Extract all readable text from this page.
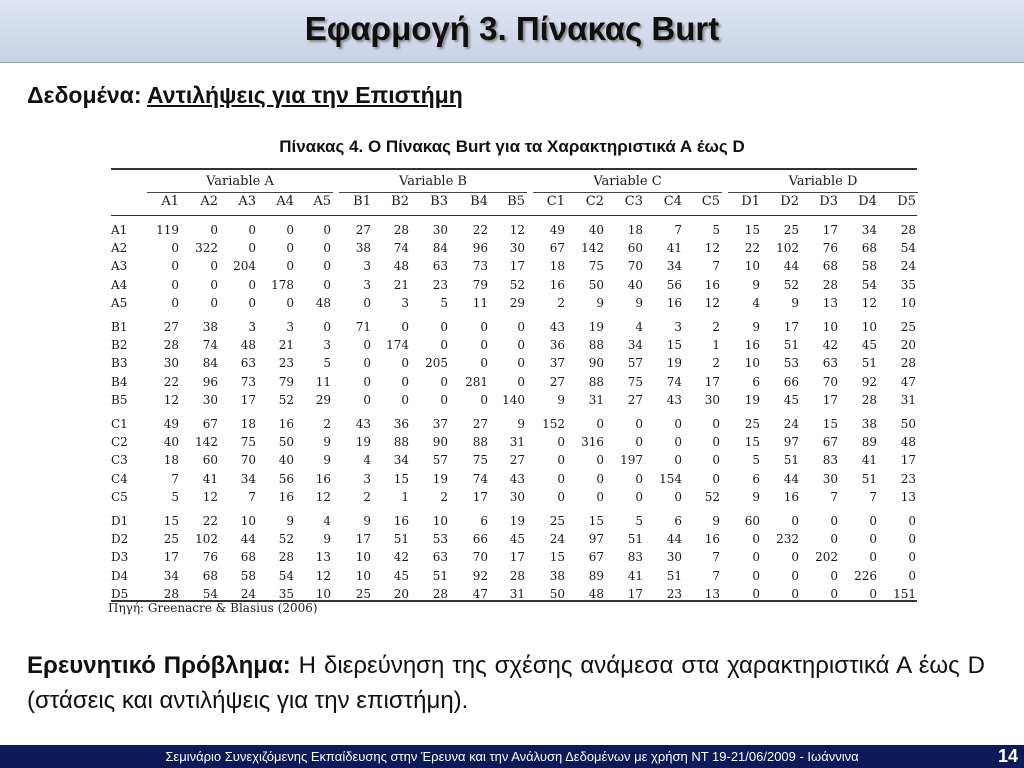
Εφαρμογή 3. Πίνακας Burt
Δεδομένα: Αντιλήψεις για την Επιστήμη
Πίνακας 4. Ο Πίνακας Burt για τα Χαρακτηριστικά Α έως D
Variable A	Variable B	Variable C	Variable D
A1	A2	A3	A4	A5	B1	B2	B3	B4	B5	C1	C2	C3	C4	C5	D1	D2	D3	D4	D5
A1	119	0	0	0	0	27	28	30	22	12	49	40	18	7	5	15	25	17	34	28
A2	0	322	0	0	0	38	74	84	96	30	67	142	60	41	12	22	102	76	68	54
A3	0	0	204	0	0	3	48	63	73	17	18	75	70	34	7	10	44	68	58	24
A4	0	0	0	178	0	3	21	23	79	52	16	50	40	56	16	9	52	28	54	35
A5	0	0	0	0	48	0	3	5	11	29	2	9	9	16	12	4	9	13	12	10
B1	27	38	3	3	0	71	0	0	0	0	43	19	4	3	2	9	17	10	10	25
B2	28	74	48	21	3	0	174	0	0	0	36	88	34	15	1	16	51	42	45	20
B3	30	84	63	23	5	0	0	205	0	0	37	90	57	19	2	10	53	63	51	28
B4	22	96	73	79	11	0	0	0	281	0	27	88	75	74	17	6	66	70	92	47
B5	12	30	17	52	29	0	0	0	0	140	9	31	27	43	30	19	45	17	28	31
C1	49	67	18	16	2	43	36	37	27	9	152	0	0	0	0	25	24	15	38	50
C2	40	142	75	50	9	19	88	90	88	31	0	316	0	0	0	15	97	67	89	48
C3	18	60	70	40	9	4	34	57	75	27	0	0	197	0	0	5	51	83	41	17
C4	7	41	34	56	16	3	15	19	74	43	0	0	0	154	0	6	44	30	51	23
C5	5	12	7	16	12	2	1	2	17	30	0	0	0	0	52	9	16	7	7	13
D1	15	22	10	9	4	9	16	10	6	19	25	15	5	6	9	60	0	0	0	0
D2	25	102	44	52	9	17	51	53	66	45	24	97	51	44	16	0	232	0	0	0
D3	17	76	68	28	13	10	42	63	70	17	15	67	83	30	7	0	0	202	0	0
D4	34	68	58	54	12	10	45	51	92	28	38	89	41	51	7	0	0	0	226	0
D5	28	54	24	35	10	25	20	28	47	31	50	48	17	23	13	0	0	0	0	151
Πηγή: Greenacre & Blasius (2006)
Ερευνητικό Πρόβλημα: Η διερεύνηση της σχέσης ανάμεσα στα χαρακτηριστικά Α έως D (στάσεις και αντιλήψεις για την επιστήμη).
Σεμινάριο Συνεχιζόμενης Εκπαίδευσης στην Έρευνα και την Ανάλυση Δεδομένων με χρήση ΝΤ 19-21/06/2009 - Ιωάννινα	14
